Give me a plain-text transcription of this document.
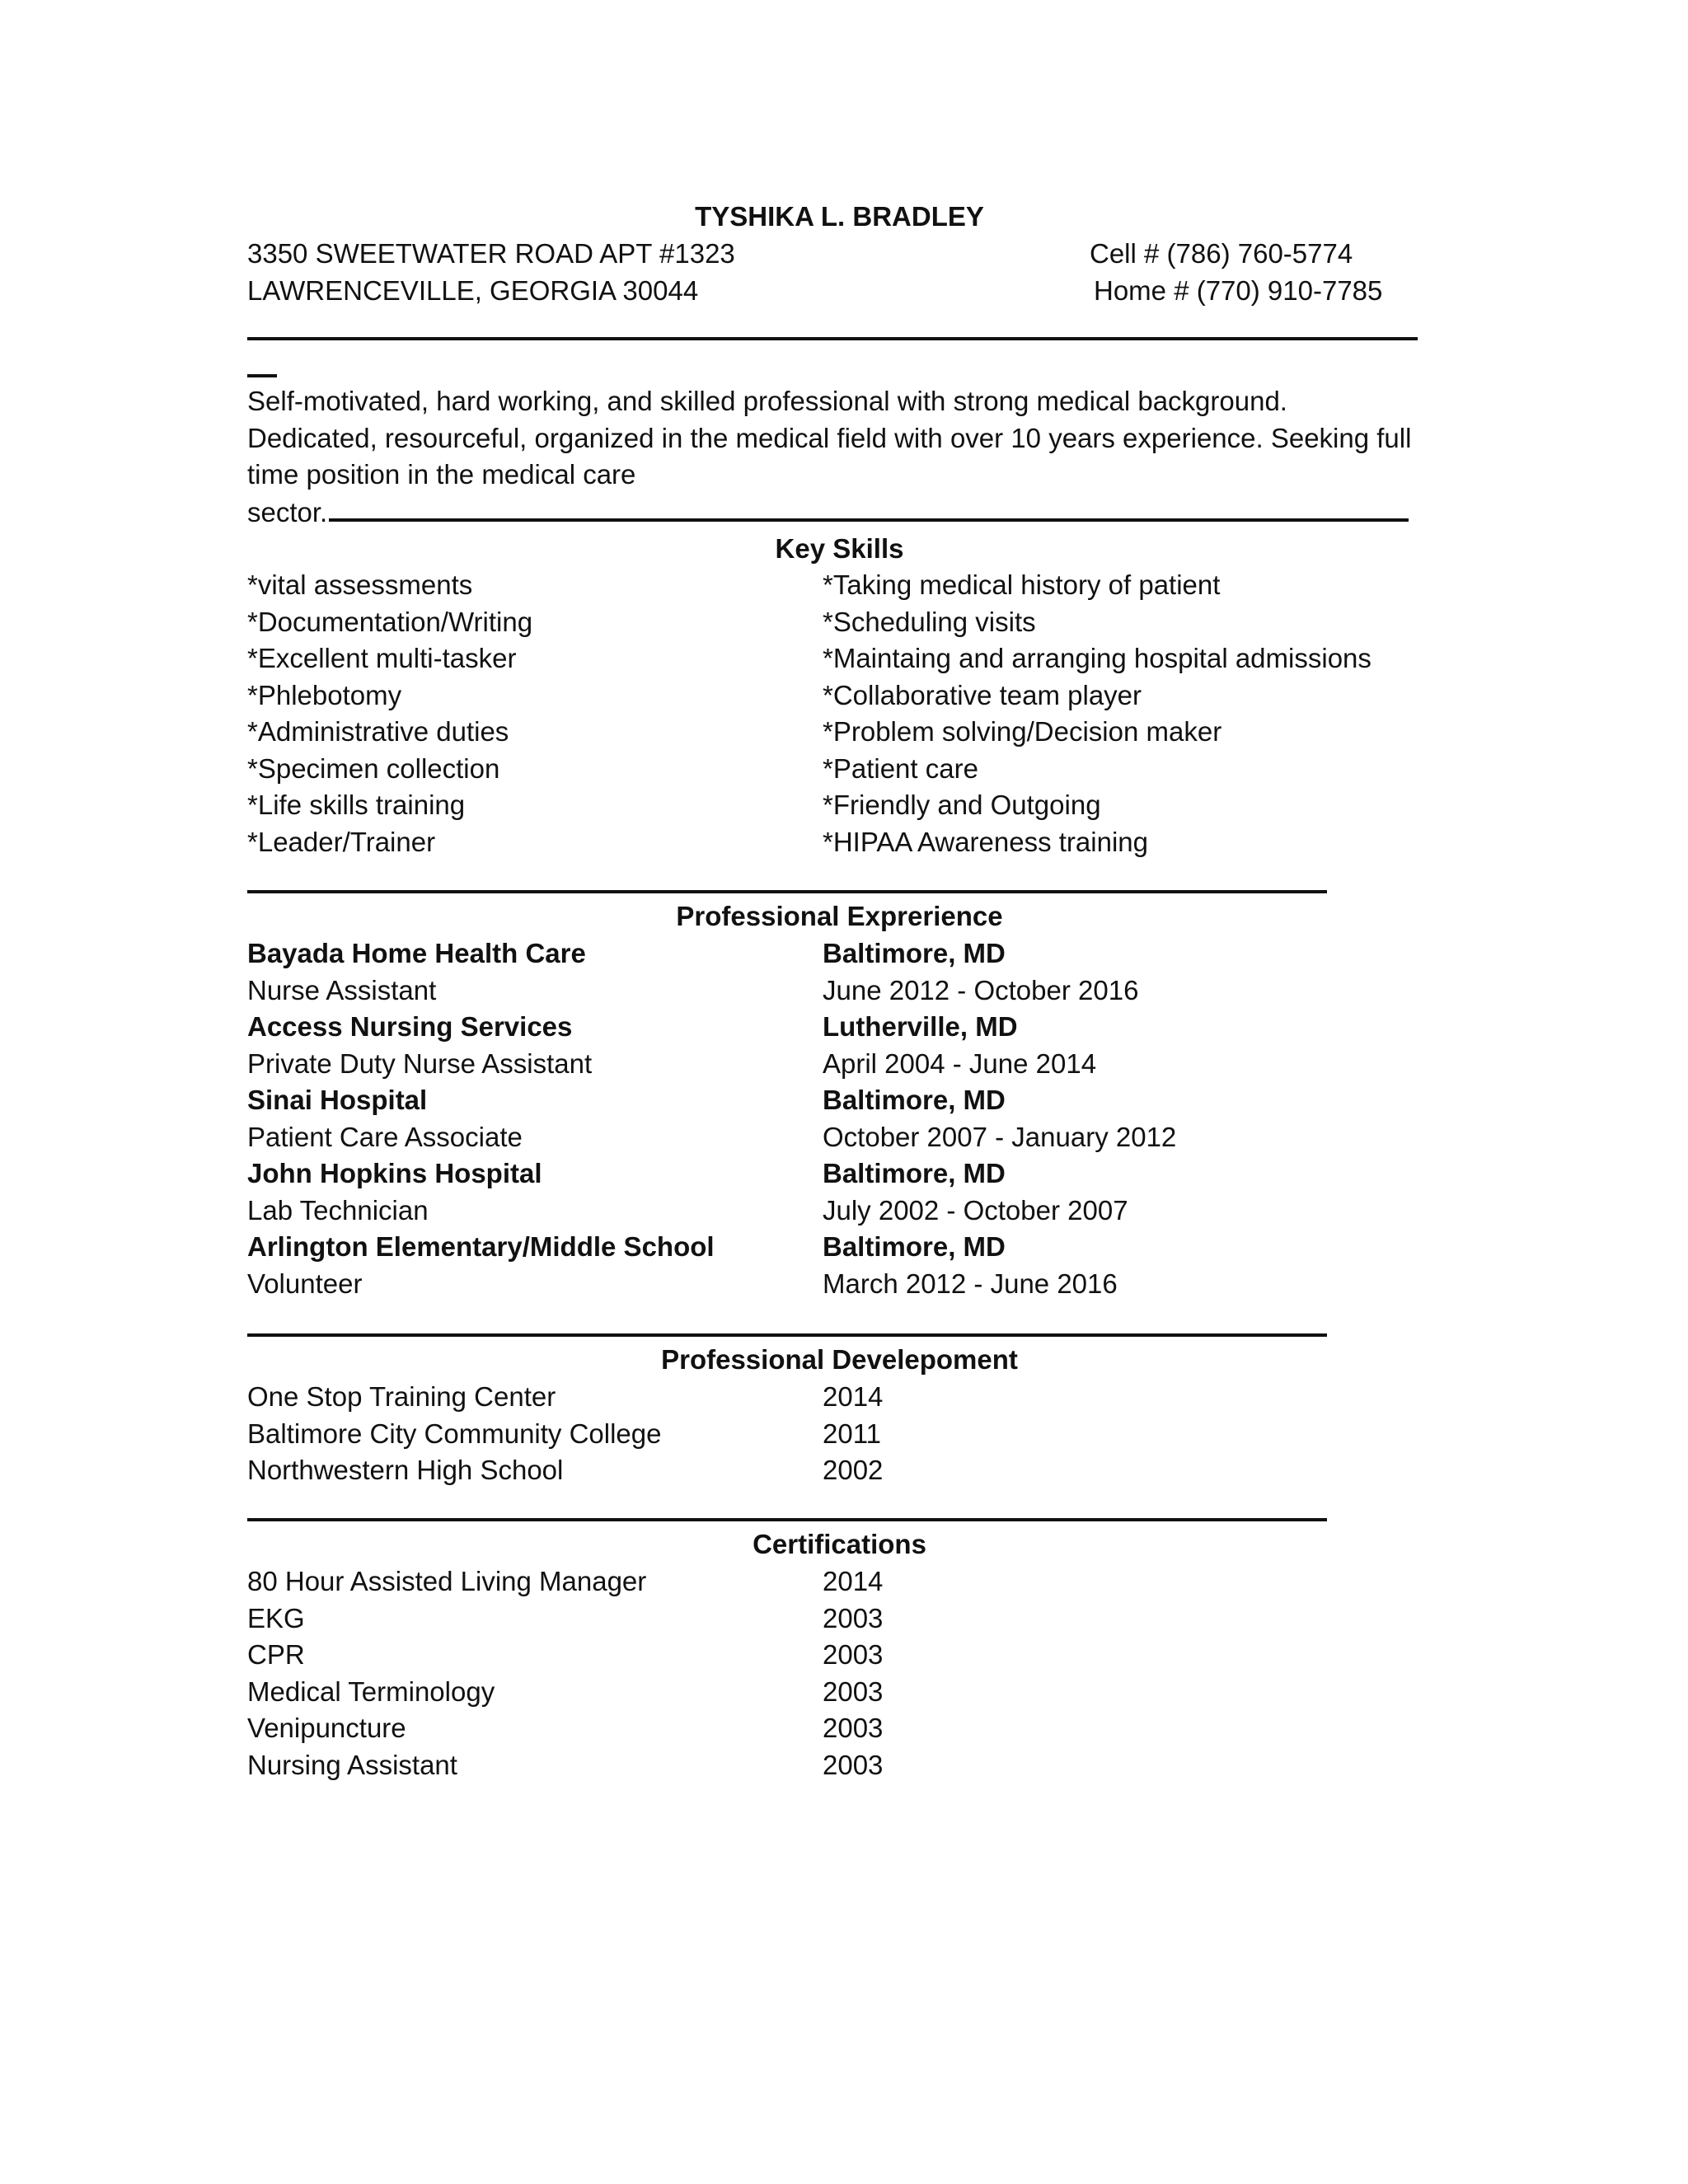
TYSHIKA L. BRADLEY
3350 SWEETWATER ROAD APT #1323	Cell # (786) 760-5774
LAWRENCEVILLE, GEORGIA 30044	Home # (770) 910-7785
Self-motivated, hard working, and skilled professional with strong medical background.
Dedicated, resourceful, organized in the medical field with over 10 years experience. Seeking full
time position in the medical care
sector.
Key Skills
*vital assessments
*Documentation/Writing
*Excellent multi-tasker
*Phlebotomy
*Administrative duties
*Specimen collection
*Life skills training
*Leader/Trainer
*Taking medical history of patient
*Scheduling visits
*Maintaing and arranging hospital admissions
*Collaborative team player
*Problem solving/Decision maker
*Patient care
*Friendly and Outgoing
*HIPAA Awareness training
Professional Exprerience
Bayada Home Health Care
Nurse Assistant
Access Nursing Services
Private Duty Nurse Assistant
Sinai Hospital
Patient Care Associate
John Hopkins Hospital
Lab Technician
Arlington Elementary/Middle School
Volunteer
Baltimore, MD
June 2012 - October 2016
Lutherville, MD
April 2004 - June 2014
Baltimore, MD
October 2007 - January 2012
Baltimore, MD
July 2002 - October 2007
Baltimore, MD
March 2012 - June 2016
Professional Develepoment
One Stop Training Center
Baltimore City Community College
Northwestern High School
2014
2011
2002
Certifications
80 Hour Assisted Living Manager
EKG
CPR
Medical Terminology
Venipuncture
Nursing Assistant
2014
2003
2003
2003
2003
2003
